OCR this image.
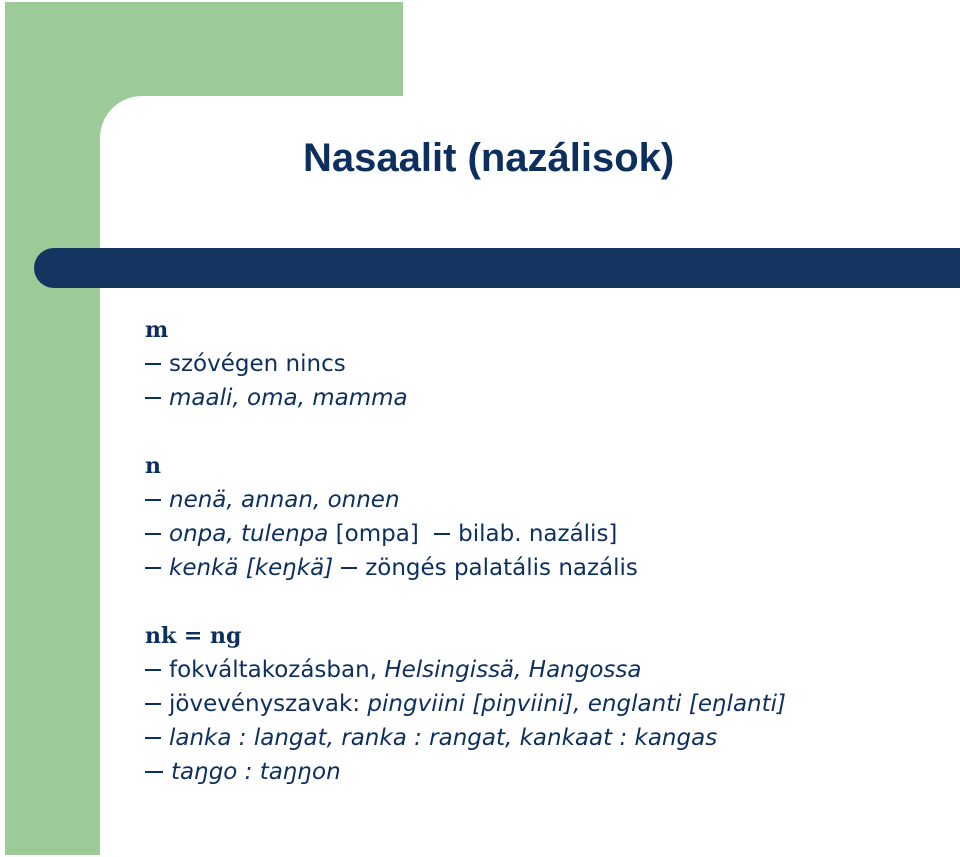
Nasaalit (nazálisok)
m
szóvégen nincs
maali, oma, mamma
n
nenä, annan, onnen
onpa, tulenpa [ompa] bilab. nazális]
kenkä [keŋkä] zöngés palatális nazális
nk = ng
fokváltakozásban, Helsingissä, Hangossa
jövevényszavak: pingviini [piŋviini], englanti [eŋlanti]
lanka : langat, ranka : rangat, kankaat : kangas
taŋgo : taŋŋon
